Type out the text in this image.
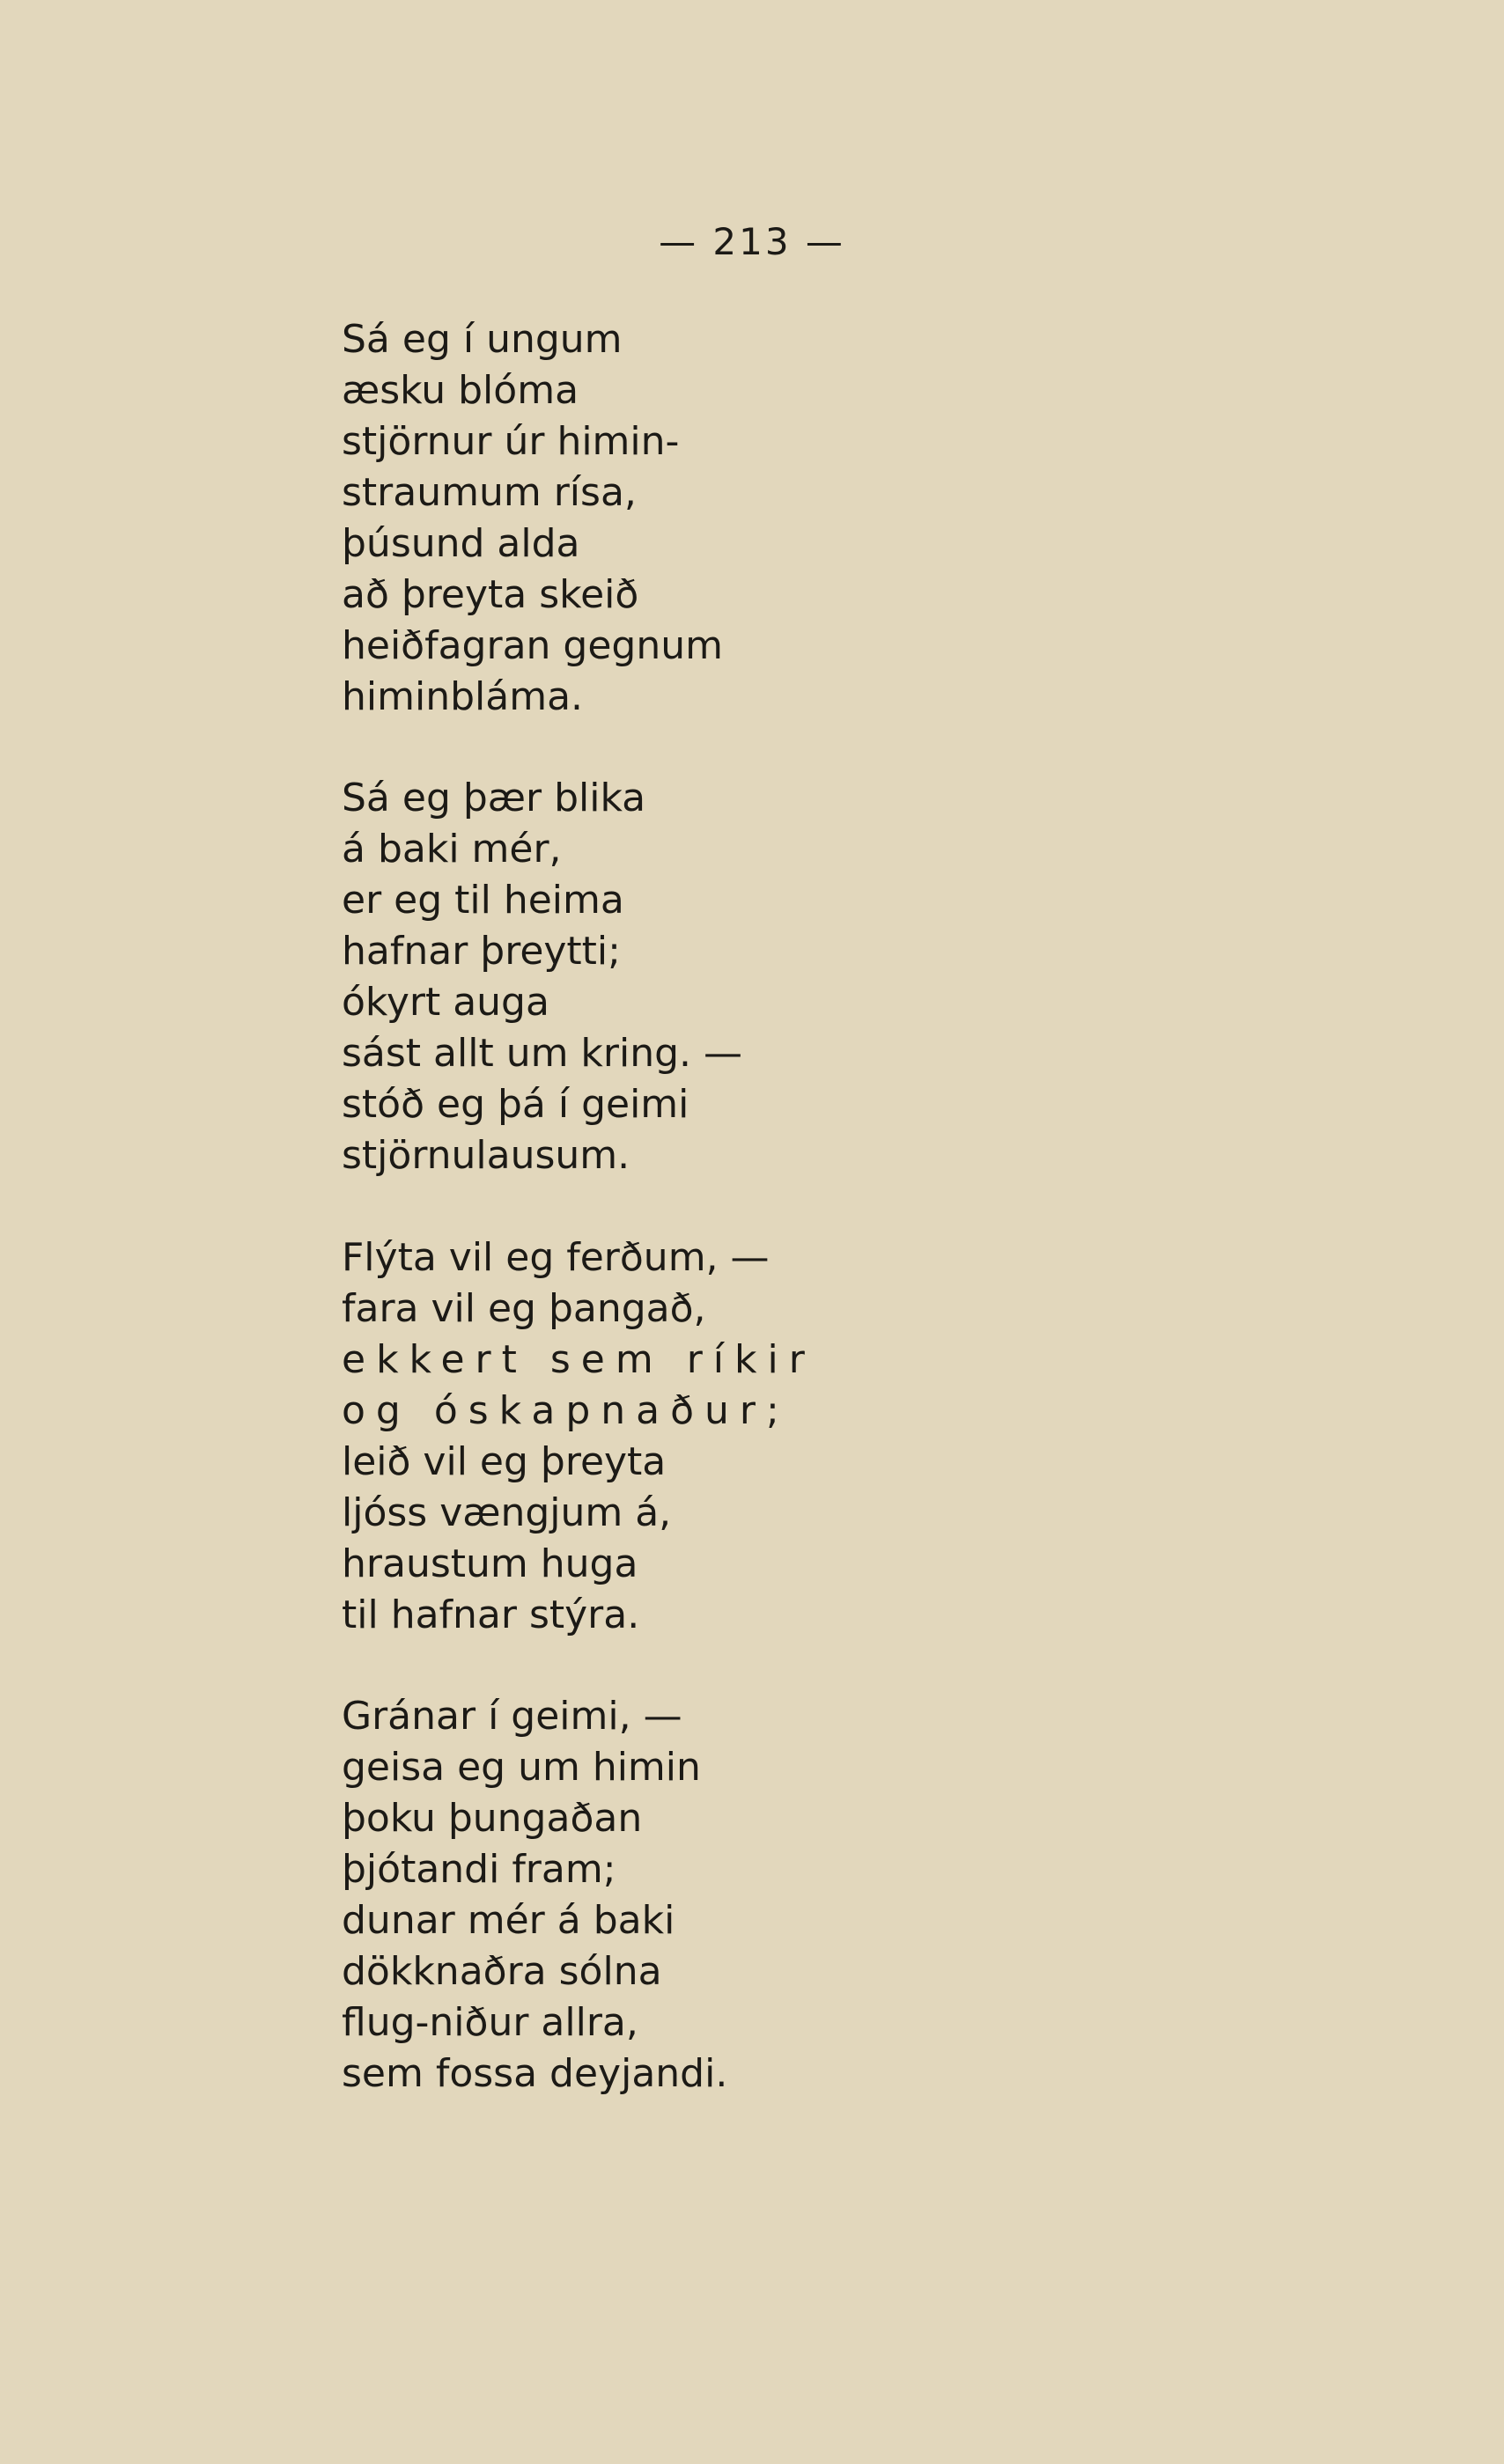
— 213 —
Sá eg í ungum
æsku blóma
stjörnur úr himin-
straumum rísa,
þúsund alda
að þreyta skeið
heiðfagran gegnum
himinbláma.
Sá eg þær blika
á baki mér,
er eg til heima
hafnar þreytti;
ókyrt auga
sást allt um kring. —
stóð eg þá í geimi
stjörnulausum.
Flýta vil eg ferðum, —
fara vil eg þangað,
ekkert sem ríkir
og óskapnaður;
leið vil eg þreyta
ljóss vængjum á,
hraustum huga
til hafnar stýra.
Gránar í geimi, —
geisa eg um himin
þoku þungaðan
þjótandi fram;
dunar mér á baki
dökknaðra sólna
flug-niður allra,
sem fossa deyjandi.
